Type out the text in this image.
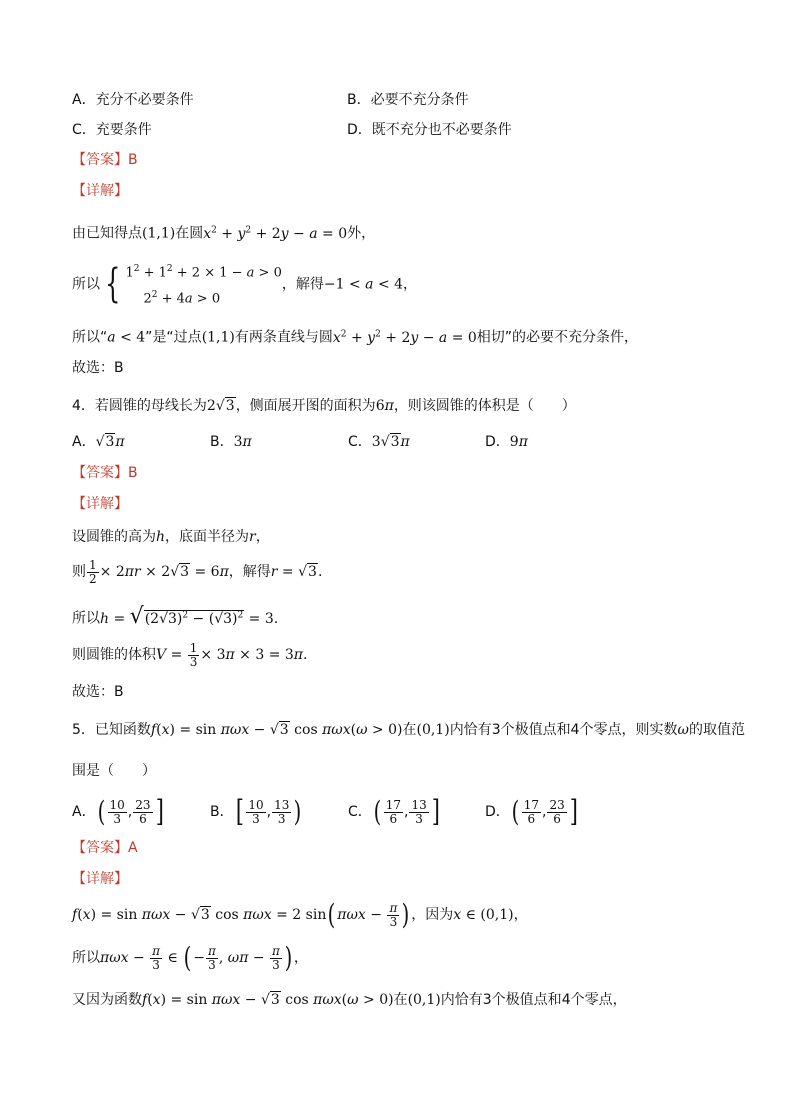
A．充分不必要条件	B．必要不充分条件
C．充要条件	D．既不充分也不必要条件
【答案】B
【详解】
由已知得点(1,1)在圆$x^2 + y^2 + 2y - a = 0$外，
所以 { $1^2 + 1^2 + 2 \times 1 - a > 0$
$2^2 + 4a > 0$
，解得−1 < a < 4，
所以“a < 4”是“过点(1,1)有两条直线与圆$x^2 + y^2 + 2y - a = 0$相切”的必要不充分条件，
故选：B
4．若圆锥的母线长为2√3，侧面展开图的面积为6π，则该圆锥的体积是（　　）
A．√3π	B．3π	C．3√3π	D．9π
【答案】B
【详解】
设圆锥的高为h，底面半径为r，
则 $\frac{1}{2} \times 2\pi r \times 2√3 = 6\pi$，解得r = √3.
所以$h = √(2√3)^2 - (√3)^2 = 3$.
则圆锥的体积$V = \frac{1}{3} \times 3\pi \times 3 = 3\pi$.
故选：B
5．已知函数f(x) = sin πωx − √3 cos πωx(ω > 0)在(0,1)内恰有3个极值点和4个零点，则实数ω的取值范
围是（　　）
A．( $\frac{10}{3}$ , $\frac{23}{6}$ ]	B．[ $\frac{10}{3}$ , $\frac{13}{3}$ )	C．( $\frac{17}{6}$ , $\frac{13}{3}$ ]	D．( $\frac{17}{6}$ , $\frac{23}{6}$ ]
【答案】A
【详解】
f(x) = sin πωx − √3 cos πωx = 2 sin( $\pi\omega x - \frac{\pi}{3}$ ) ，因为x ∈ (0,1)，
所以$\pi\omega x - \frac{\pi}{3}$ ∈ ( − $\frac{\pi}{3}$ , $\omega\pi - \frac{\pi}{3}$ ) ，
又因为函数f(x) = sin πωx − √3 cos πωx(ω > 0)在(0,1)内恰有3个极值点和4个零点，
